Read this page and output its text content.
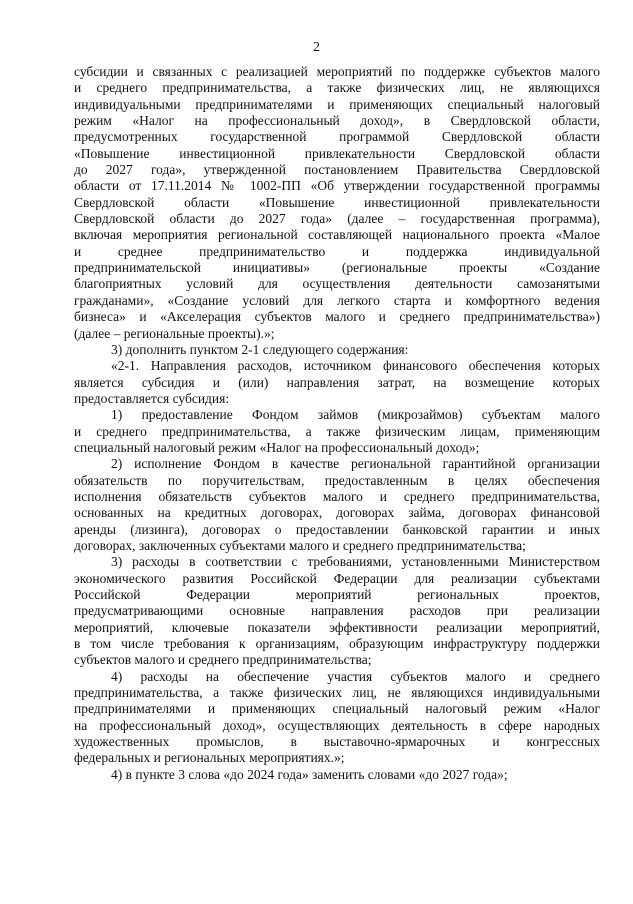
2
субсидии и связанных с реализацией мероприятий по поддержке субъектов малого
и среднего предпринимательства, а также физических лиц, не являющихся
индивидуальными предпринимателями и применяющих специальный налоговый
режим «Налог на профессиональный доход», в Свердловской области,
предусмотренных государственной программой Свердловской области
«Повышение инвестиционной привлекательности Свердловской области
до 2027 года», утвержденной постановлением Правительства Свердловской
области от 17.11.2014 № 1002-ПП «Об утверждении государственной программы
Свердловской области «Повышение инвестиционной привлекательности
Свердловской области до 2027 года» (далее – государственная программа),
включая мероприятия региональной составляющей национального проекта «Малое
и среднее предпринимательство и поддержка индивидуальной
предпринимательской инициативы» (региональные проекты «Создание
благоприятных условий для осуществления деятельности самозанятыми
гражданами», «Создание условий для легкого старта и комфортного ведения
бизнеса» и «Акселерация субъектов малого и среднего предпринимательства»)
(далее – региональные проекты).»;
3) дополнить пунктом 2-1 следующего содержания:
«2-1. Направления расходов, источником финансового обеспечения которых
является субсидия и (или) направления затрат, на возмещение которых
предоставляется субсидия:
1) предоставление Фондом займов (микрозаймов) субъектам малого
и среднего предпринимательства, а также физическим лицам, применяющим
специальный налоговый режим «Налог на профессиональный доход»;
2) исполнение Фондом в качестве региональной гарантийной организации
обязательств по поручительствам, предоставленным в целях обеспечения
исполнения обязательств субъектов малого и среднего предпринимательства,
основанных на кредитных договорах, договорах займа, договорах финансовой
аренды (лизинга), договорах о предоставлении банковской гарантии и иных
договорах, заключенных субъектами малого и среднего предпринимательства;
3) расходы в соответствии с требованиями, установленными Министерством
экономического развития Российской Федерации для реализации субъектами
Российской Федерации мероприятий региональных проектов,
предусматривающими основные направления расходов при реализации
мероприятий, ключевые показатели эффективности реализации мероприятий,
в том числе требования к организациям, образующим инфраструктуру поддержки
субъектов малого и среднего предпринимательства;
4) расходы на обеспечение участия субъектов малого и среднего
предпринимательства, а также физических лиц, не являющихся индивидуальными
предпринимателями и применяющих специальный налоговый режим «Налог
на профессиональный доход», осуществляющих деятельность в сфере народных
художественных промыслов, в выставочно-ярмарочных и конгрессных
федеральных и региональных мероприятиях.»;
4) в пункте 3 слова «до 2024 года» заменить словами «до 2027 года»;
